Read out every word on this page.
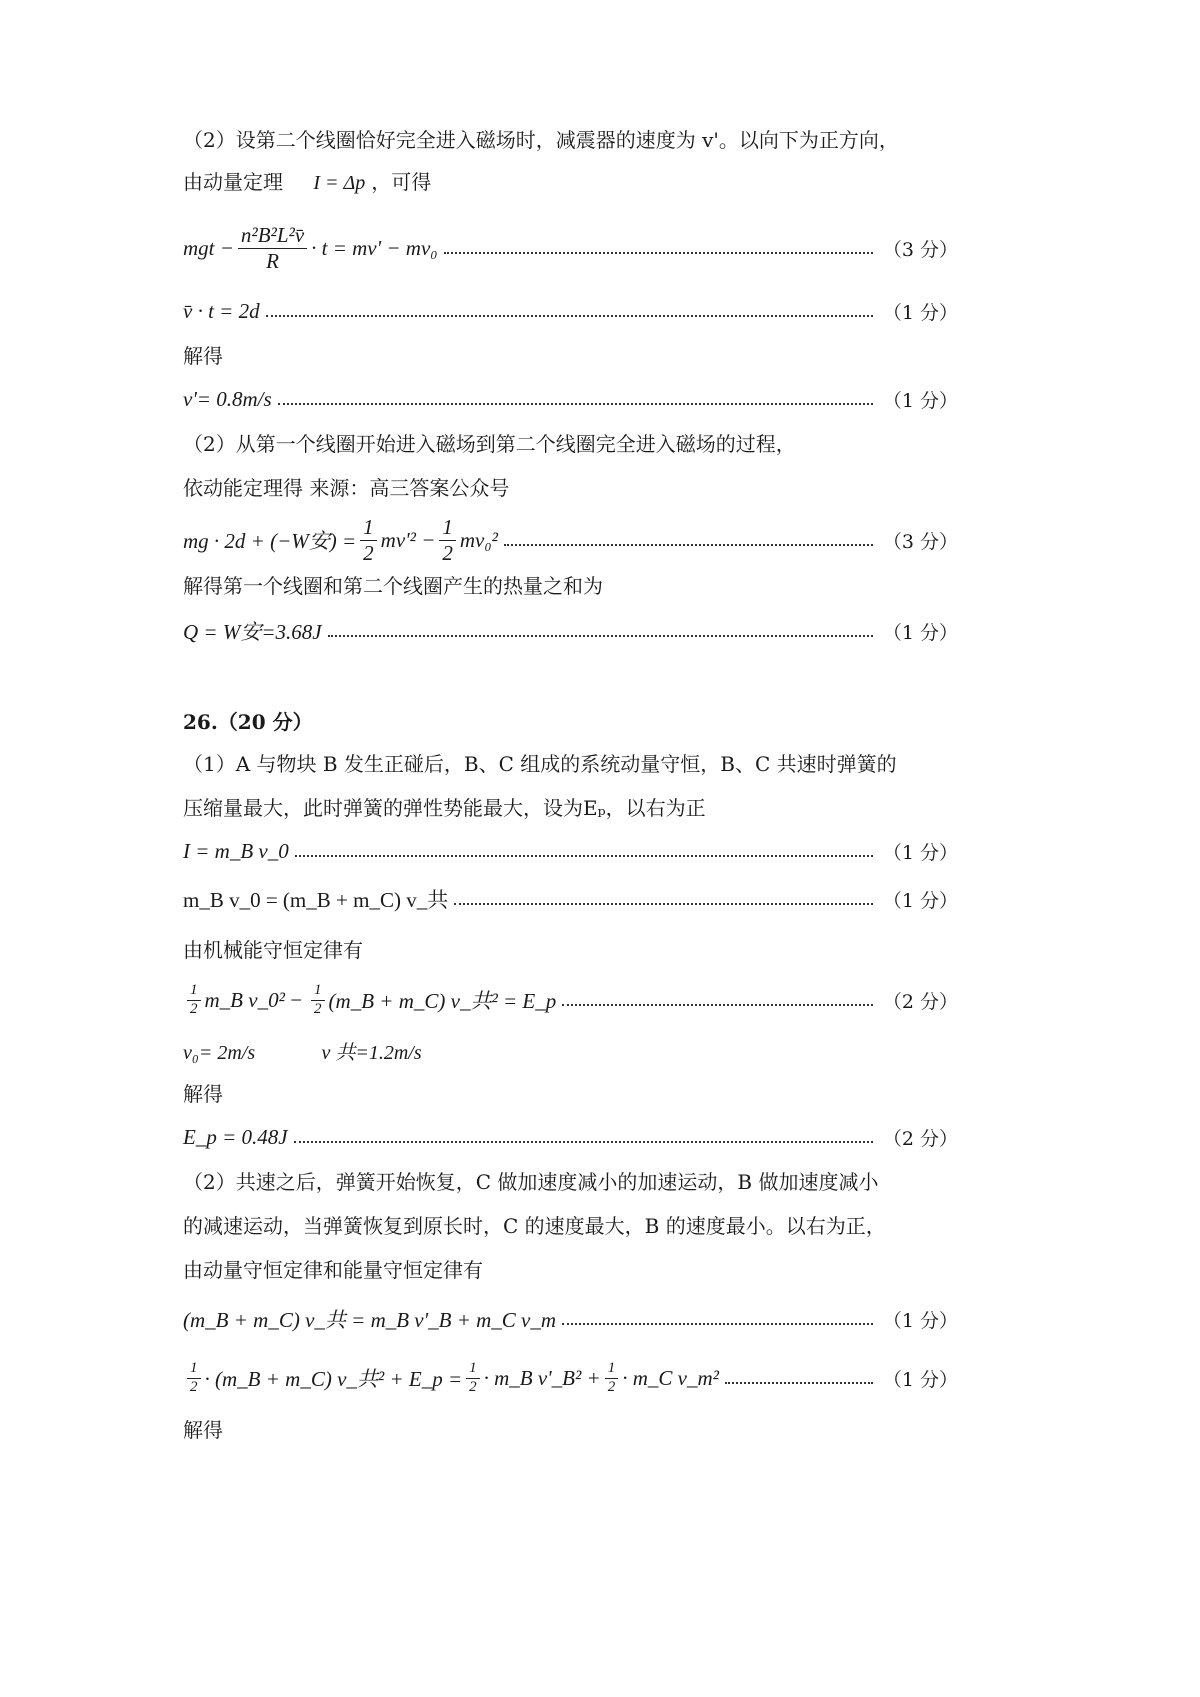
（2）设第二个线圈恰好完全进入磁场时，减震器的速度为 v'。以向下为正方向，
由动量定理 I = Δp ，可得
mgt − $\frac{\text{n²B²L²v̄}}{R} \cdot t = mv' - mv_0$	（3 分）
v̄ · t = 2d	（1 分）
解得
v'= 0.8m/s	（1 分）
（2）从第一个线圈开始进入磁场到第二个线圈完全进入磁场的过程，
依动能定理得 来源：高三答案公众号
mg · 2d + (−W安) = $\frac{1}{2} mv'^2 - \frac{1}{2} mv_0^2$	（3 分）
解得第一个线圈和第二个线圈产生的热量之和为
Q = W安=3.68J	（1 分）
26.（20 分）
（1）A 与物块 B 发生正碰后，B、C 组成的系统动量守恒，B、C 共速时弹簧的
压缩量最大，此时弹簧的弹性势能最大，设为Eₚ，以右为正
I = m_B v_0	（1 分）
m_B v_0 = (m_B + m_C) v_共	（1 分）
由机械能守恒定律有
$\frac{1}{2}$ m_B v_0² − $\frac{1}{2}$ (m_B + m_C) v_共² = E_p	（2 分）
v₀= 2m/s	v 共=1.2m/s
解得
E_p = 0.48J	（2 分）
（2）共速之后，弹簧开始恢复，C 做加速度减小的加速运动，B 做加速度减小
的减速运动，当弹簧恢复到原长时，C 的速度最大，B 的速度最小。以右为正，
由动量守恒定律和能量守恒定律有
(m_B + m_C) v_共 = m_B v'_B + m_C v_m	（1 分）
$\frac{1}{2}$ · (m_B + m_C) v_共² + E_p = $\frac{1}{2}$ · m_B v'_B² + $\frac{1}{2}$ · m_C v_m²	（1 分）
解得
